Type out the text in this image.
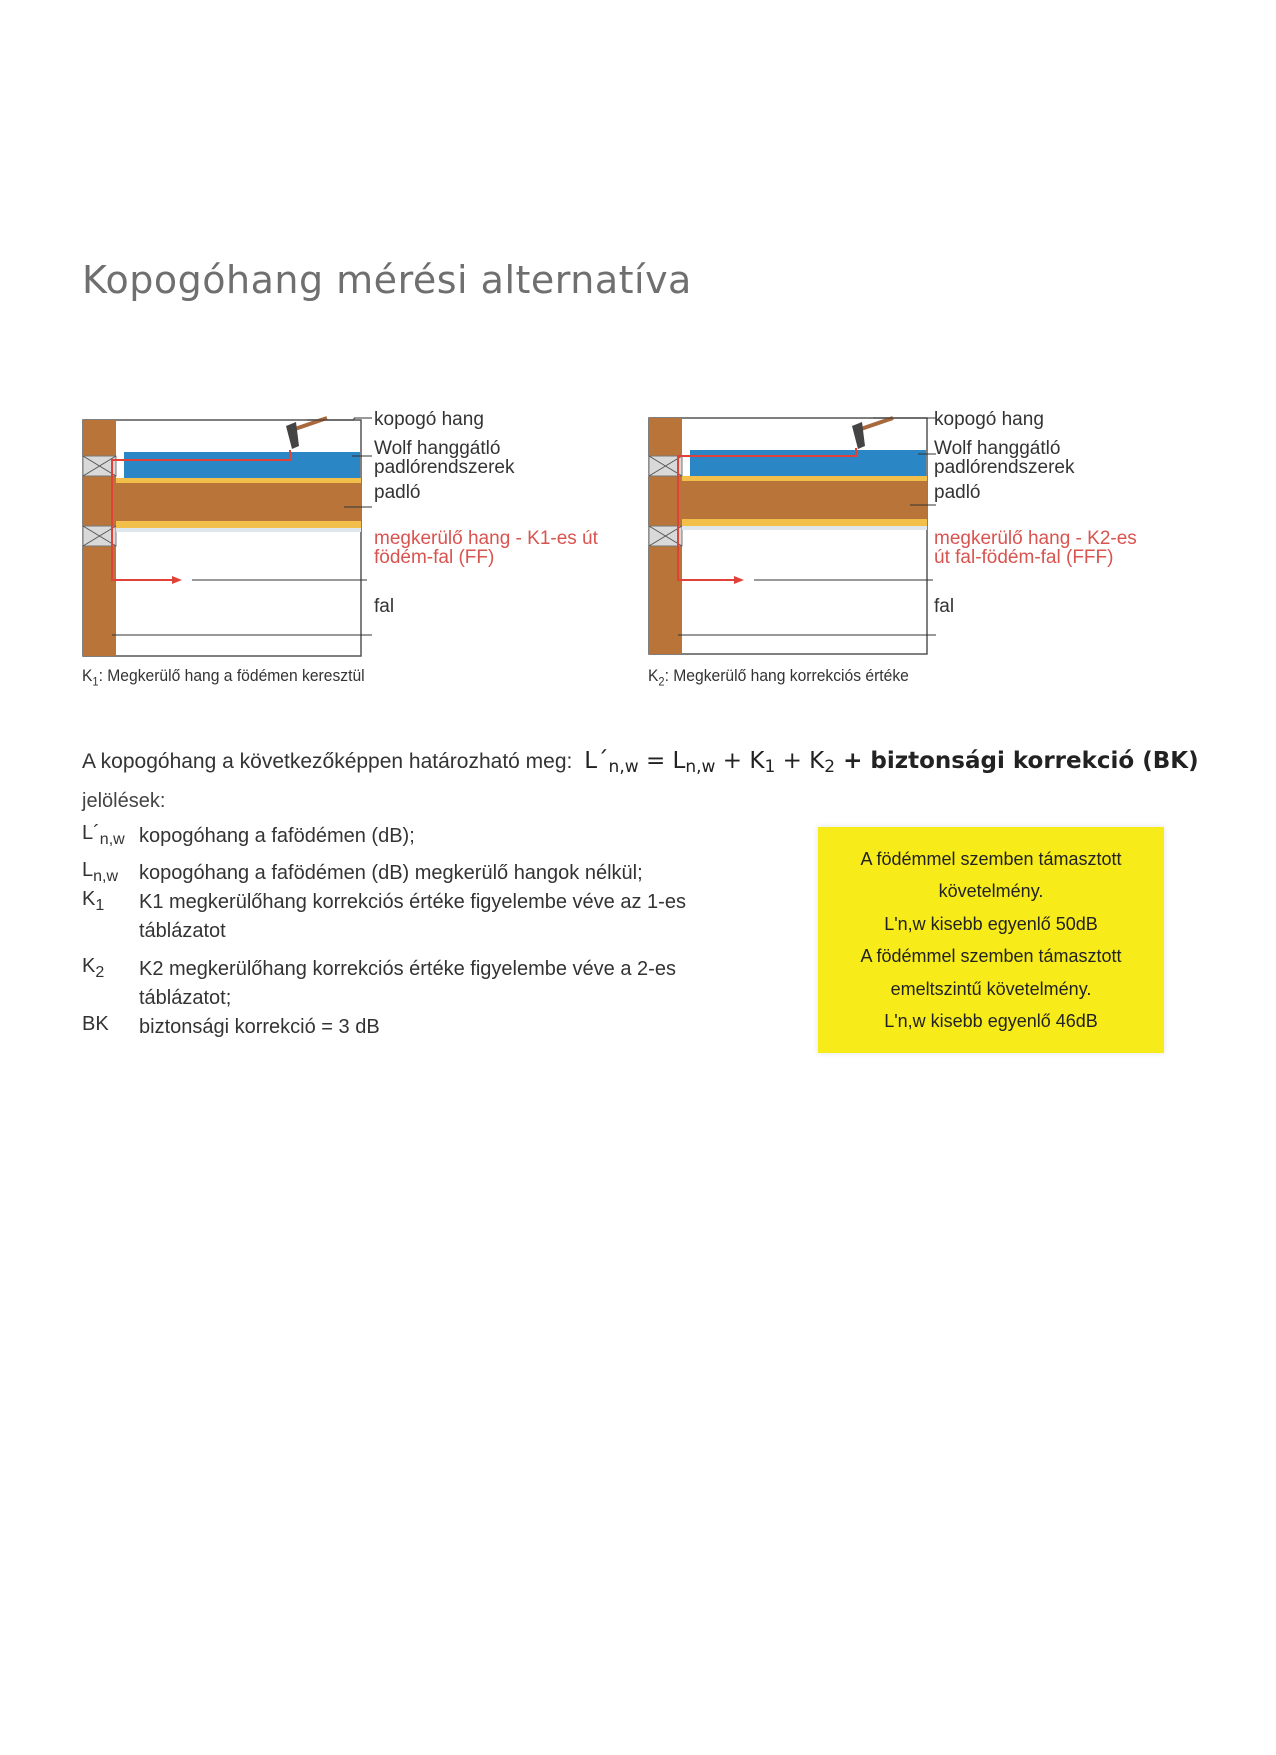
Kopogóhang mérési alternatíva
kopogó hang
Wolf hanggátló
padlórendszerek
padló
megkerülő hang - K1-es út
födém-fal (FF)
fal
$K_1$: Megkerülő hang a födémen keresztül
kopogó hang
Wolf hanggátló
padlórendszerek
padló
megkerülő hang - K2-es
út fal-födém-fal (FFF)
fal
$K_2$: Megkerülő hang korrekciós értéke
A kopogóhang a következőképpen határozható meg: $L´_{n,w} = L_{n,w} + K_1 + K_2$ + biztonsági korrekció (BK)
jelölések:
$L´_{n,w}$ kopogóhang a faföd​émen (dB);
$L_{n,w}$	kopogóhang a fafödémen (dB) megkerülő hangok nélkül;
$K_1$	K1 megkerülőhang korrekciós értéke figyelembe véve az 1-es táblázatot
$K_2$	K2 megkerülőhang korrekciós értéke figyelembe véve a 2-es táblázatot;
BK	biztonsági korrekció = 3 dB
A födémmel szemben támasztott
követelmény.
L'n,w kisebb egyenlő 50dB
A födémmel szemben támasztott
emeltszintű követelmény.
L'n,w kisebb egyenlő 46dB
